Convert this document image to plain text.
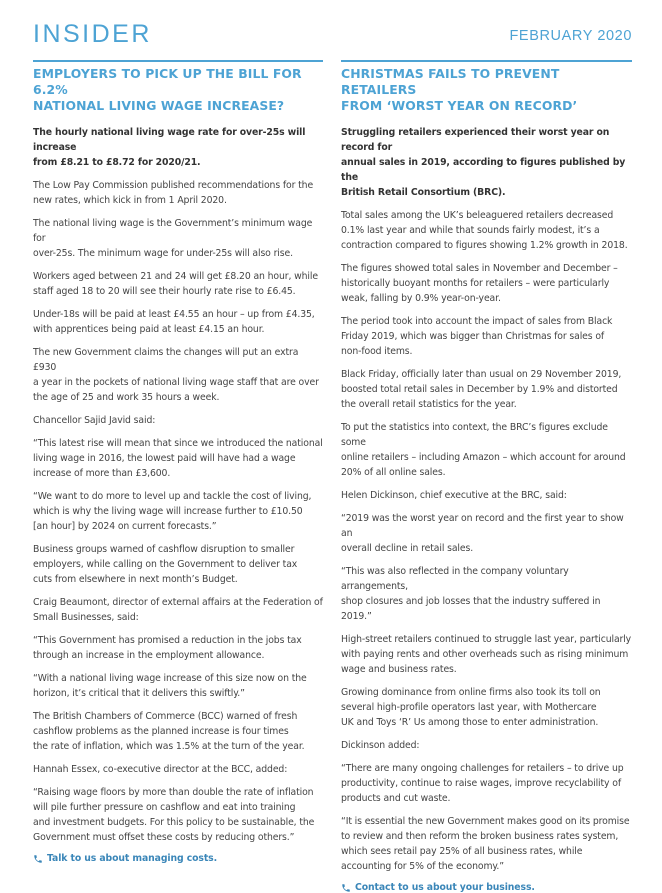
INSIDER	FEBRUARY 2020
EMPLOYERS TO PICK UP THE BILL FOR 6.2%
NATIONAL LIVING WAGE INCREASE?

The hourly national living wage rate for over-25s will increase
from £8.21 to £8.72 for 2020/21.

The Low Pay Commission published recommendations for the
new rates, which kick in from 1 April 2020.

The national living wage is the Government’s minimum wage for
over-25s. The minimum wage for under-25s will also rise.

Workers aged between 21 and 24 will get £8.20 an hour, while
staff aged 18 to 20 will see their hourly rate rise to £6.45.

Under-18s will be paid at least £4.55 an hour – up from £4.35,
with apprentices being paid at least £4.15 an hour.

The new Government claims the changes will put an extra £930
a year in the pockets of national living wage staff that are over
the age of 25 and work 35 hours a week.

Chancellor Sajid Javid said:

“This latest rise will mean that since we introduced the national
living wage in 2016, the lowest paid will have had a wage
increase of more than £3,600.

“We want to do more to level up and tackle the cost of living,
which is why the living wage will increase further to £10.50
[an hour] by 2024 on current forecasts.”

Business groups warned of cashflow disruption to smaller
employers, while calling on the Government to deliver tax
cuts from elsewhere in next month’s Budget.

Craig Beaumont, director of external affairs at the Federation of
Small Businesses, said:

“This Government has promised a reduction in the jobs tax
through an increase in the employment allowance.

“With a national living wage increase of this size now on the
horizon, it’s critical that it delivers this swiftly.”

The British Chambers of Commerce (BCC) warned of fresh
cashflow problems as the planned increase is four times
the rate of inflation, which was 1.5% at the turn of the year.

Hannah Essex, co-executive director at the BCC, added:

“Raising wage floors by more than double the rate of inflation
will pile further pressure on cashflow and eat into training
and investment budgets. For this policy to be sustainable, the
Government must offset these costs by reducing others.”

Talk to us about managing costs.
CHRISTMAS FAILS TO PREVENT RETAILERS
FROM ‘WORST YEAR ON RECORD’

Struggling retailers experienced their worst year on record for
annual sales in 2019, according to figures published by the
British Retail Consortium (BRC).

Total sales among the UK’s beleaguered retailers decreased
0.1% last year and while that sounds fairly modest, it’s a
contraction compared to figures showing 1.2% growth in 2018.

The figures showed total sales in November and December –
historically buoyant months for retailers – were particularly
weak, falling by 0.9% year-on-year.

The period took into account the impact of sales from Black
Friday 2019, which was bigger than Christmas for sales of
non-food items.

Black Friday, officially later than usual on 29 November 2019,
boosted total retail sales in December by 1.9% and distorted
the overall retail statistics for the year.

To put the statistics into context, the BRC’s figures exclude some
online retailers – including Amazon – which account for around
20% of all online sales.

Helen Dickinson, chief executive at the BRC, said:

“2019 was the worst year on record and the first year to show an
overall decline in retail sales.

“This was also reflected in the company voluntary arrangements,
shop closures and job losses that the industry suffered in 2019.”

High-street retailers continued to struggle last year, particularly
with paying rents and other overheads such as rising minimum
wage and business rates.

Growing dominance from online firms also took its toll on
several high-profile operators last year, with Mothercare
UK and Toys ‘R’ Us among those to enter administration.

Dickinson added:

“There are many ongoing challenges for retailers – to drive up
productivity, continue to raise wages, improve recyclability of
products and cut waste.

“It is essential the new Government makes good on its promise
to review and then reform the broken business rates system,
which sees retail pay 25% of all business rates, while
accounting for 5% of the economy.”

Contact to us about your business.
